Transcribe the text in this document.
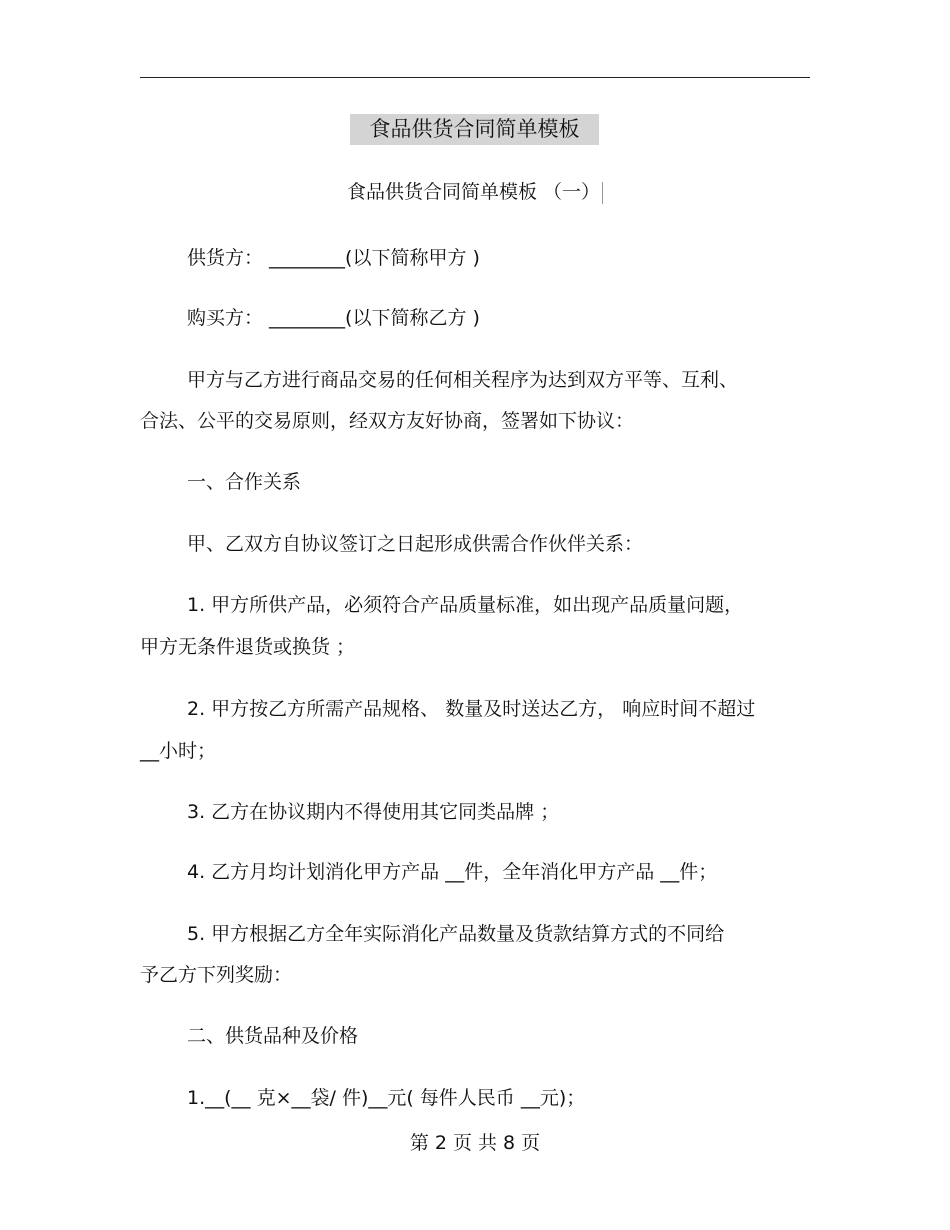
食品供货合同简单模板
食品供货合同简单模板 （一）
供货方： ________(以下简称甲方 )
购买方： ________(以下简称乙方 )
甲方与乙方进行商品交易的任何相关程序为达到双方平等、互利、
合法、公平的交易原则，经双方友好协商，签署如下协议：
一、合作关系
甲、乙双方自协议签订之日起形成供需合作伙伴关系：
1. 甲方所供产品，必须符合产品质量标准，如出现产品质量问题，
甲方无条件退货或换货 ；
2. 甲方按乙方所需产品规格、 数量及时送达乙方， 响应时间不超过
__小时；
3. 乙方在协议期内不得使用其它同类品牌 ；
4. 乙方月均计划消化甲方产品 __件，全年消化甲方产品 __件；
5. 甲方根据乙方全年实际消化产品数量及货款结算方式的不同给
予乙方下列奖励：
二、供货品种及价格
1.__(__ 克×__袋/ 件)__元( 每件人民币 __元)；
第 2 页 共 8 页
